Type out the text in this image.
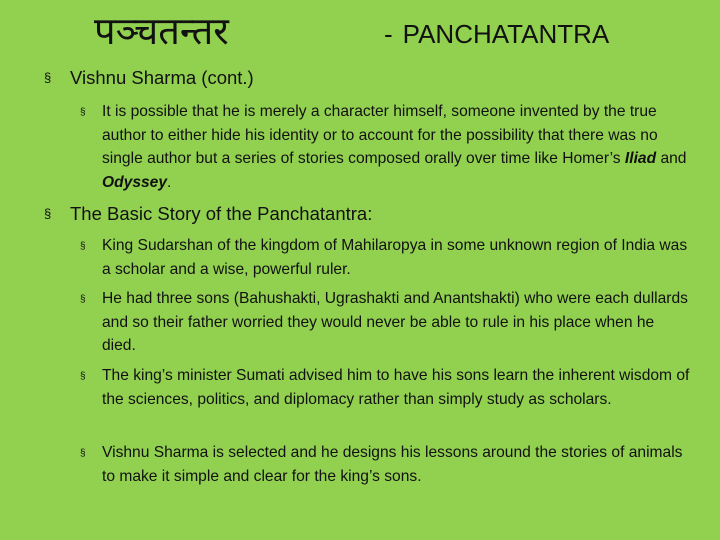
पञ्चतन्तर	- PANCHATANTRA
§	Vishnu Sharma (cont.)
§	It is possible that he is merely a character himself, someone invented by the true author to either hide his identity or to account for the possibility that there was no single author but a series of stories composed orally over time like Homer’s Iliad and Odyssey.
§	The Basic Story of the Panchatantra:
§	King Sudarshan of the kingdom of Mahilaropya in some unknown region of India was a scholar and a wise, powerful ruler.
§	He had three sons (Bahushakti, Ugrashakti and Anantshakti) who were each dullards and so their father worried they would never be able to rule in his place when he died.
§	The king’s minister Sumati advised him to have his sons learn the inherent wisdom of the sciences, politics, and diplomacy rather than simply study as scholars.
§	Vishnu Sharma is selected and he designs his lessons around the stories of animals to make it simple and clear for the king’s sons.
